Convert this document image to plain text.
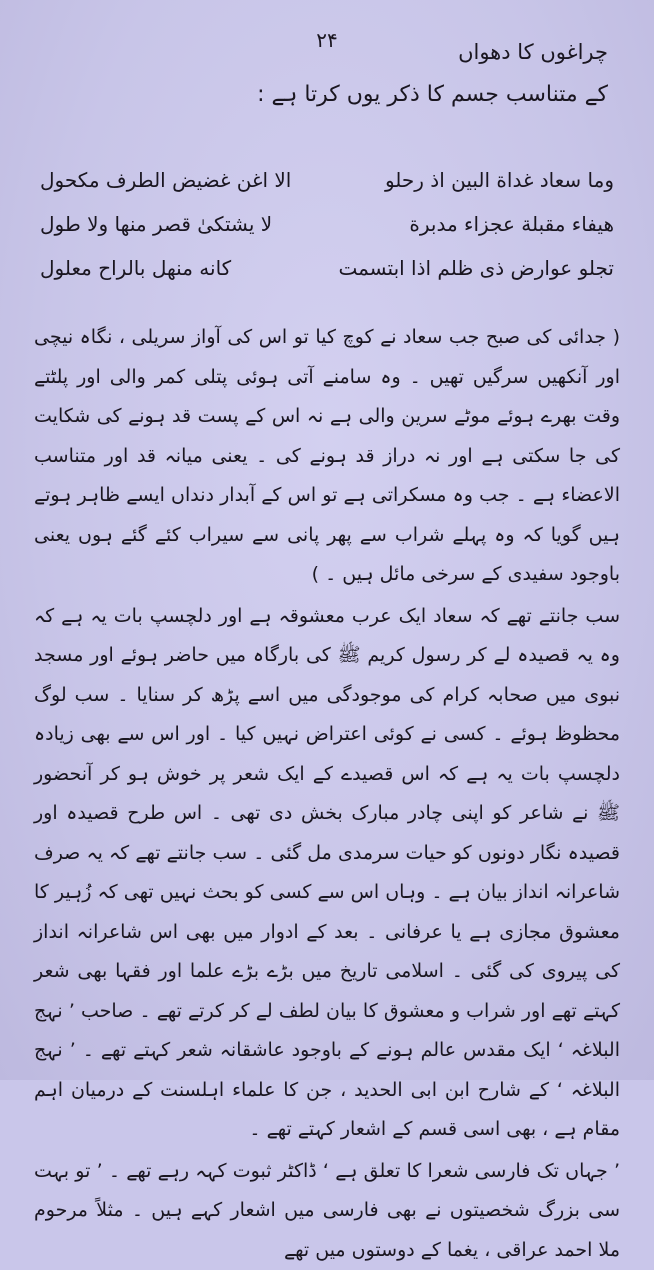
۲۴	چراغوں کا دھواں
کے متناسب جسم کا ذکر یوں کرتا ہے :
وما سعاد غداة البين اذ رحلو
الا اغن غضيض الطرف مكحول
هيفاء مقبلة عجزاء مدبرة
لا يشتكىٰ قصر منها ولا طول
تجلو عوارض ذی ظلم اذا ابتسمت
كانه منهل بالراح معلول

( جدائی کی صبح جب سعاد نے کوچ کیا تو اس کی آواز سریلی ، نگاہ نیچی اور آنکھیں سرگیں تھیں ۔ وہ سامنے آتی ہوئی پتلی کمر والی اور پلٹتے وقت بھرے ہوئے موٹے سرین والی ہے نہ اس کے پست قد ہونے کی شکایت کی جا سکتی ہے اور نہ دراز قد ہونے کی ۔ یعنی میانہ قد اور متناسب الاعضاء ہے ۔ جب وہ مسکراتی ہے تو اس کے آبدار دنداں ایسے ظاہر ہوتے ہیں گویا کہ وہ پہلے شراب سے پھر پانی سے سیراب کئے گئے ہوں یعنی باوجود سفیدی کے سرخی مائل ہیں ۔ )

سب جانتے تھے کہ سعاد ایک عرب معشوقہ ہے اور دلچسپ بات یہ ہے کہ وہ یہ قصیدہ لے کر رسول کریم ﷺ کی بارگاہ میں حاضر ہوئے اور مسجد نبوی میں صحابہ کرام کی موجودگی میں اسے پڑھ کر سنایا ۔ سب لوگ محظوظ ہوئے ۔ کسی نے کوئی اعتراض نہیں کیا ۔ اور اس سے بھی زیادہ دلچسپ بات یہ ہے کہ اس قصیدے کے ایک شعر پر خوش ہو کر آنحضور ﷺ نے شاعر کو اپنی چادر مبارک بخش دی تھی ۔ اس طرح قصیدہ اور قصیدہ نگار دونوں کو حیات سرمدی مل گئی ۔ سب جانتے تھے کہ یہ صرف شاعرانہ انداز بیان ہے ۔ وہاں اس سے کسی کو بحث نہیں تھی کہ زُہیر کا معشوق مجازی ہے یا عرفانی ۔ بعد کے ادوار میں بھی اس شاعرانہ انداز کی پیروی کی گئی ۔ اسلامی تاریخ میں بڑے بڑے علما اور فقہا بھی شعر کہتے تھے اور شراب و معشوق کا بیان لطف لے کر کرتے تھے ۔ صاحب ’ نہج البلاغہ ‘ ایک مقدس عالم ہونے کے باوجود عاشقانہ شعر کہتے تھے ۔ ’ نہج البلاغہ ‘ کے شارح ابن ابی الحدید ، جن کا علماء اہلسنت کے درمیان اہم مقام ہے ، بھی اسی قسم کے اشعار کہتے تھے ۔

’ جہاں تک فارسی شعرا کا تعلق ہے ‘ ڈاکٹر ثبوت کہہ رہے تھے ۔ ’ تو بہت سی بزرگ شخصیتوں نے بھی فارسی میں اشعار کہے ہیں ۔ مثلاً مرحوم ملا احمد عراقی ، یغما کے دوستوں میں تھے
